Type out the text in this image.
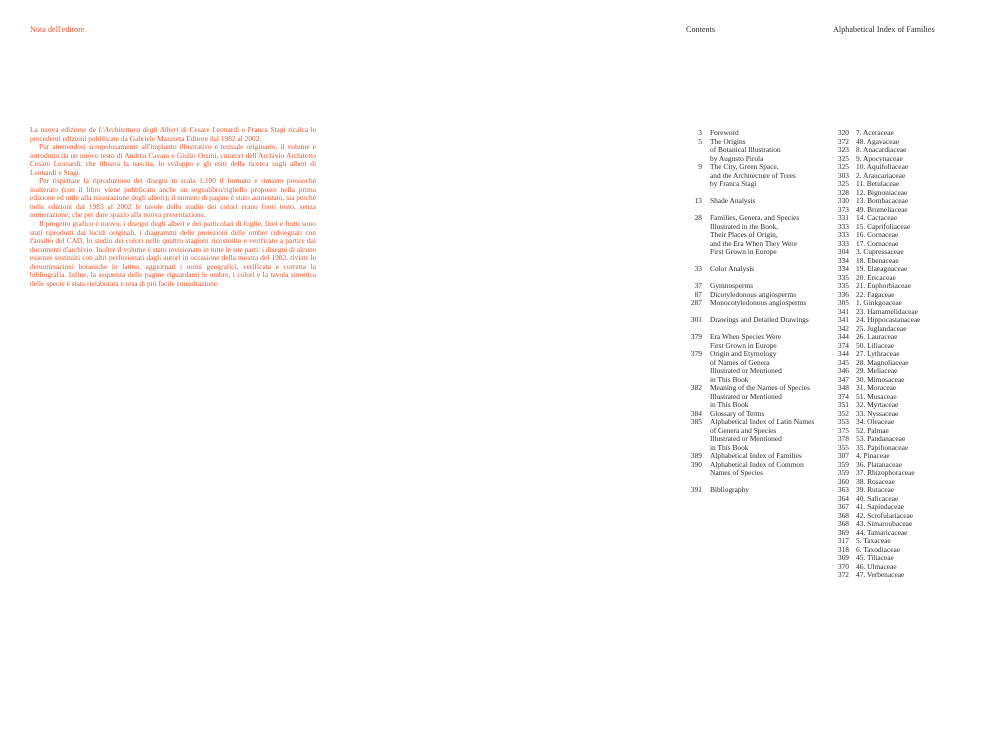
Nota dell'editore	Contents	Alphabetical Index of Families

La nuova edizione de L'Architettura degli Alberi di Cesare Leonardi e Franca Stagi ricalca le precedenti edizioni pubblicate da Gabriele Mazzotta Editore dal 1982 al 2002.

Pur attenendosi scrupolosamente all'impianto illustrativo e testuale originario, il volume e introdotto da un nuovo testo di Andrea Cavani e Giulio Orsini, curatori dell'Archivio Architetto Cesare Leonardi, che illustra la nascita, lo sviluppo e gli esiti della ricerca sugli alberi di Leonardi e Stagi.

Per rispettare la riproduzione dei disegni in scala 1:100 il formato e rimasto pressoché inalterato (con il libro viene pubblicato anche un segnalibro/righello proposto nella prima edizione ed utile alla misurazione degli alberi); il numero di pagine è stato aumentato, sia perché nelle edizioni dal 1983 al 2002 le tavole dello studio dei colori erano fuori testo, senza numerazione; che per dare spazio alla nuova presentazione.

Il progetto grafico è nuovo, i disegni degli alberi e dei particolari di foglie, fiori e frutti sono stati riprodotti dai lucidi originali, i diagrammi delle proiezioni delle ombre ridisegnati con l'ausilio del CAD, lo studio dei colori nelle quattro stagioni ricostruito e verificato a partire dai documenti d'archivio. Inoltre il volume è stato revisionato in tutte le sue parti: i disegni di alcune essenze sostituiti con altri perfezionati dagli autori in occasione della mostra del 1982, riviste le denominazioni botaniche in latino, aggiornati i nomi geografici, verificata e corretta la bibliografia. Infine, la sequenza delle pagine riguardanti le ombre, i colori e la tavola sinottica delle specie è stata rielaborata e resa di più facile consultazione.

3 Foreword
5 The Origins
of Botanical Illustration
by Augusto Pirola
9 The City, Green Space,
and the Architecture of Trees
by Franca Stagi
13 Shade Analysis
28 Families, Genera, and Species
Illustrated in the Book,
Their Places of Origin,
and the Era When They Were
First Grown in Europe
33 Color Analysis
37 Gymnosperms
87 Dicotyledonous angiosperms
287 Monocotyledonous angiosperms
301 Drawings and Detailed Drawings
379 Era When Species Were
First Grown in Europe
379 Origin and Etymology
of Names of Genera
Illustrated or Mentioned
in This Book
382 Meaning of the Names of Species
Illustrated or Mentioned
in This Book
384 Glossary of Terms
385 Alphabetical Index of Latin Names
of Genera and Species
Illustrated or Mentioned
in This Book
389 Alphabetical Index of Families
390 Alphabetical Index of Common
Names of Species
391 Bibliography
320 7. Aceraceae
372 48. Agavaceae
323 8. Anacardiaceae
325 9. Apocynaceae
325 10. Aquifoliaceae
303 2. Araucariaceae
325 11. Betulaceae
328 12. Bignoniaceae
330 13. Bombacaceae
373 49. Bromeliaceae
331 14. Cactaceae
333 15. Caprifoliaceae
333 16. Cornaceae
333 17. Cornaceae
304 3. Cupressaceae
334 18. Ebenaceae
334 19. Elaeagnaceae
335 20. Ericaceae
335 21. Euphorbiaceae
336 22. Fagaceae
305 1. Ginkgoaceae
341 23. Hamamelidaceae
341 24. Hippocastanaceae
342 25. Juglandaceae
344 26. Lauraceae
374 50. Liliaceae
344 27. Lythraceae
345 28. Magnoliaceae
346 29. Meliaceae
347 30. Mimosaceae
348 31. Moraceae
374 51. Musaceae
351 32. Myrtaceae
352 33. Nyssaceae
353 34. Oleaceae
375 52. Palmae
378 53. Pandanaceae
355 35. Papilionaceae
307 4. Pinaceae
359 36. Platanaceae
359 37. Rhizophoraceae
360 38. Rosaceae
363 39. Rutaceae
364 40. Salicaceae
367 41. Sapindaceae
368 42. Scrofulariaceae
368 43. Simaroubaceae
369 44. Tamaricaceae
317 5. Taxaceae
318 6. Taxodiaceae
369 45. Tiliaceae
370 46. Ulmaceae
372 47. Verbenaceae
